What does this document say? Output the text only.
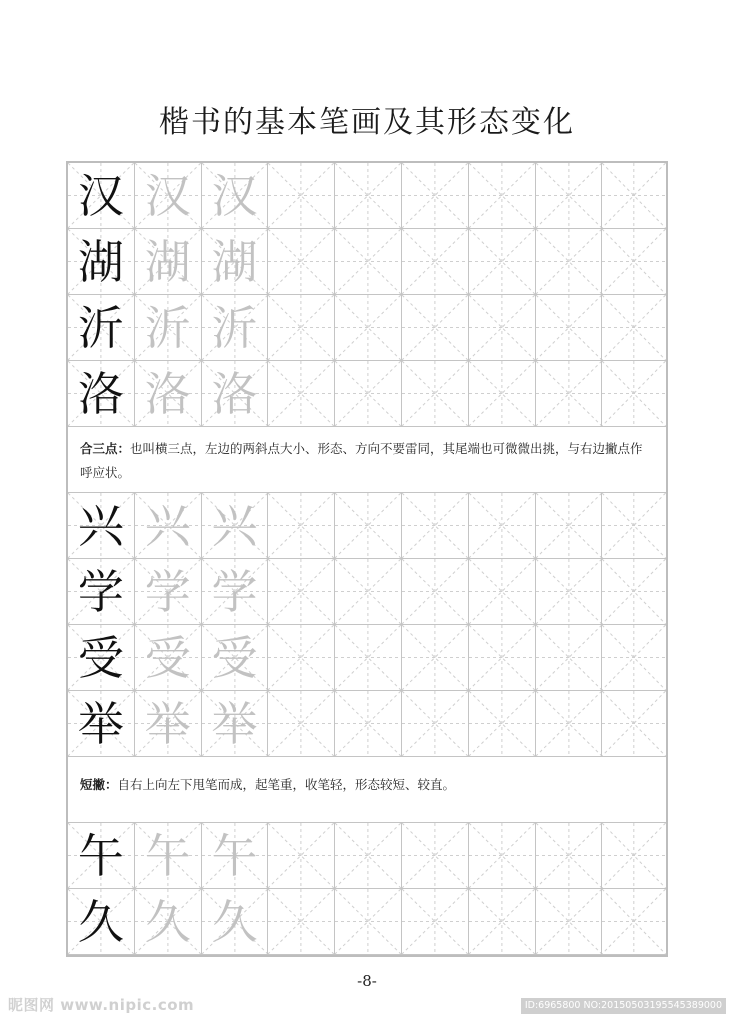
楷书的基本笔画及其形态变化
汉 汉 汉
湖 湖 湖
沂 沂 沂
洛 洛 洛
合三点：也叫横三点，左边的两斜点大小、形态、方向不要雷同，其尾端也可微微出挑，与右边撇点作呼应状。
兴 兴 兴
学 学 学
受 受 受
举 举 举
短撇：自右上向左下甩笔而成，起笔重，收笔轻，形态较短、较直。
午 午 午
久 久 久
-8-
昵图网 www.nipic.com	ID:6965800 NO:20150503195545389000
